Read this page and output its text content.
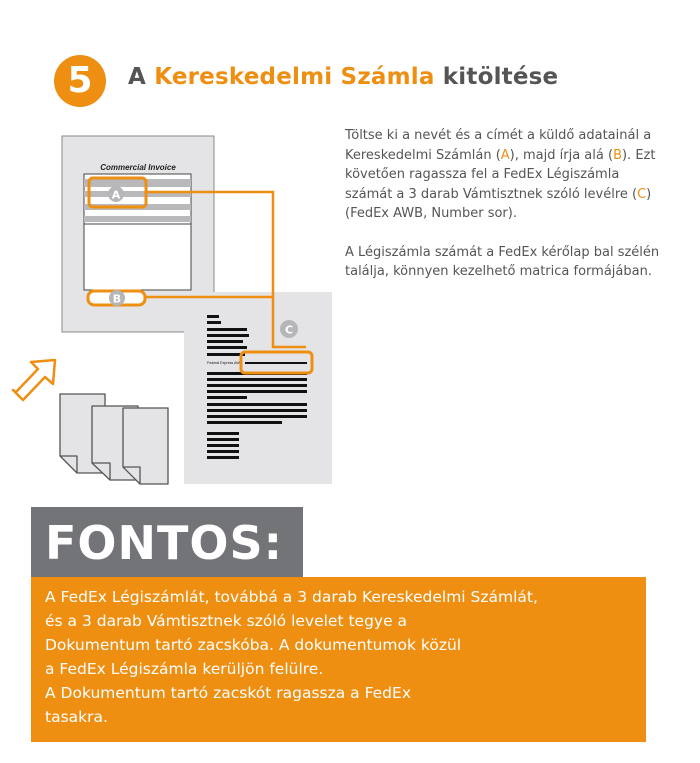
5	A Kereskedelmi Számla kitöltése

Töltse ki a nevét és a címét a küldő adatainál a Kereskedelmi Számlán (A), majd írja alá (B). Ezt követően ragassza fel a FedEx Légiszámla számát a 3 darab Vámtisztnek szóló levélre (C) (FedEx AWB, Number sor).

A Légiszámla számát a FedEx kérőlap bal szélén találja, könnyen kezelhető matrica formájában.

Commercial Invoice
Federal Express AWB
A
B
C
FONTOS:
A FedEx Légiszámlát, továbbá a 3 darab Kereskedelmi Számlát,
és a 3 darab Vámtisztnek szóló levelet tegye a
Dokumentum tartó zacskóba. A dokumentumok közül
a FedEx Légiszámla kerüljön felülre.
A Dokumentum tartó zacskót ragassza a FedEx
tasakra.
